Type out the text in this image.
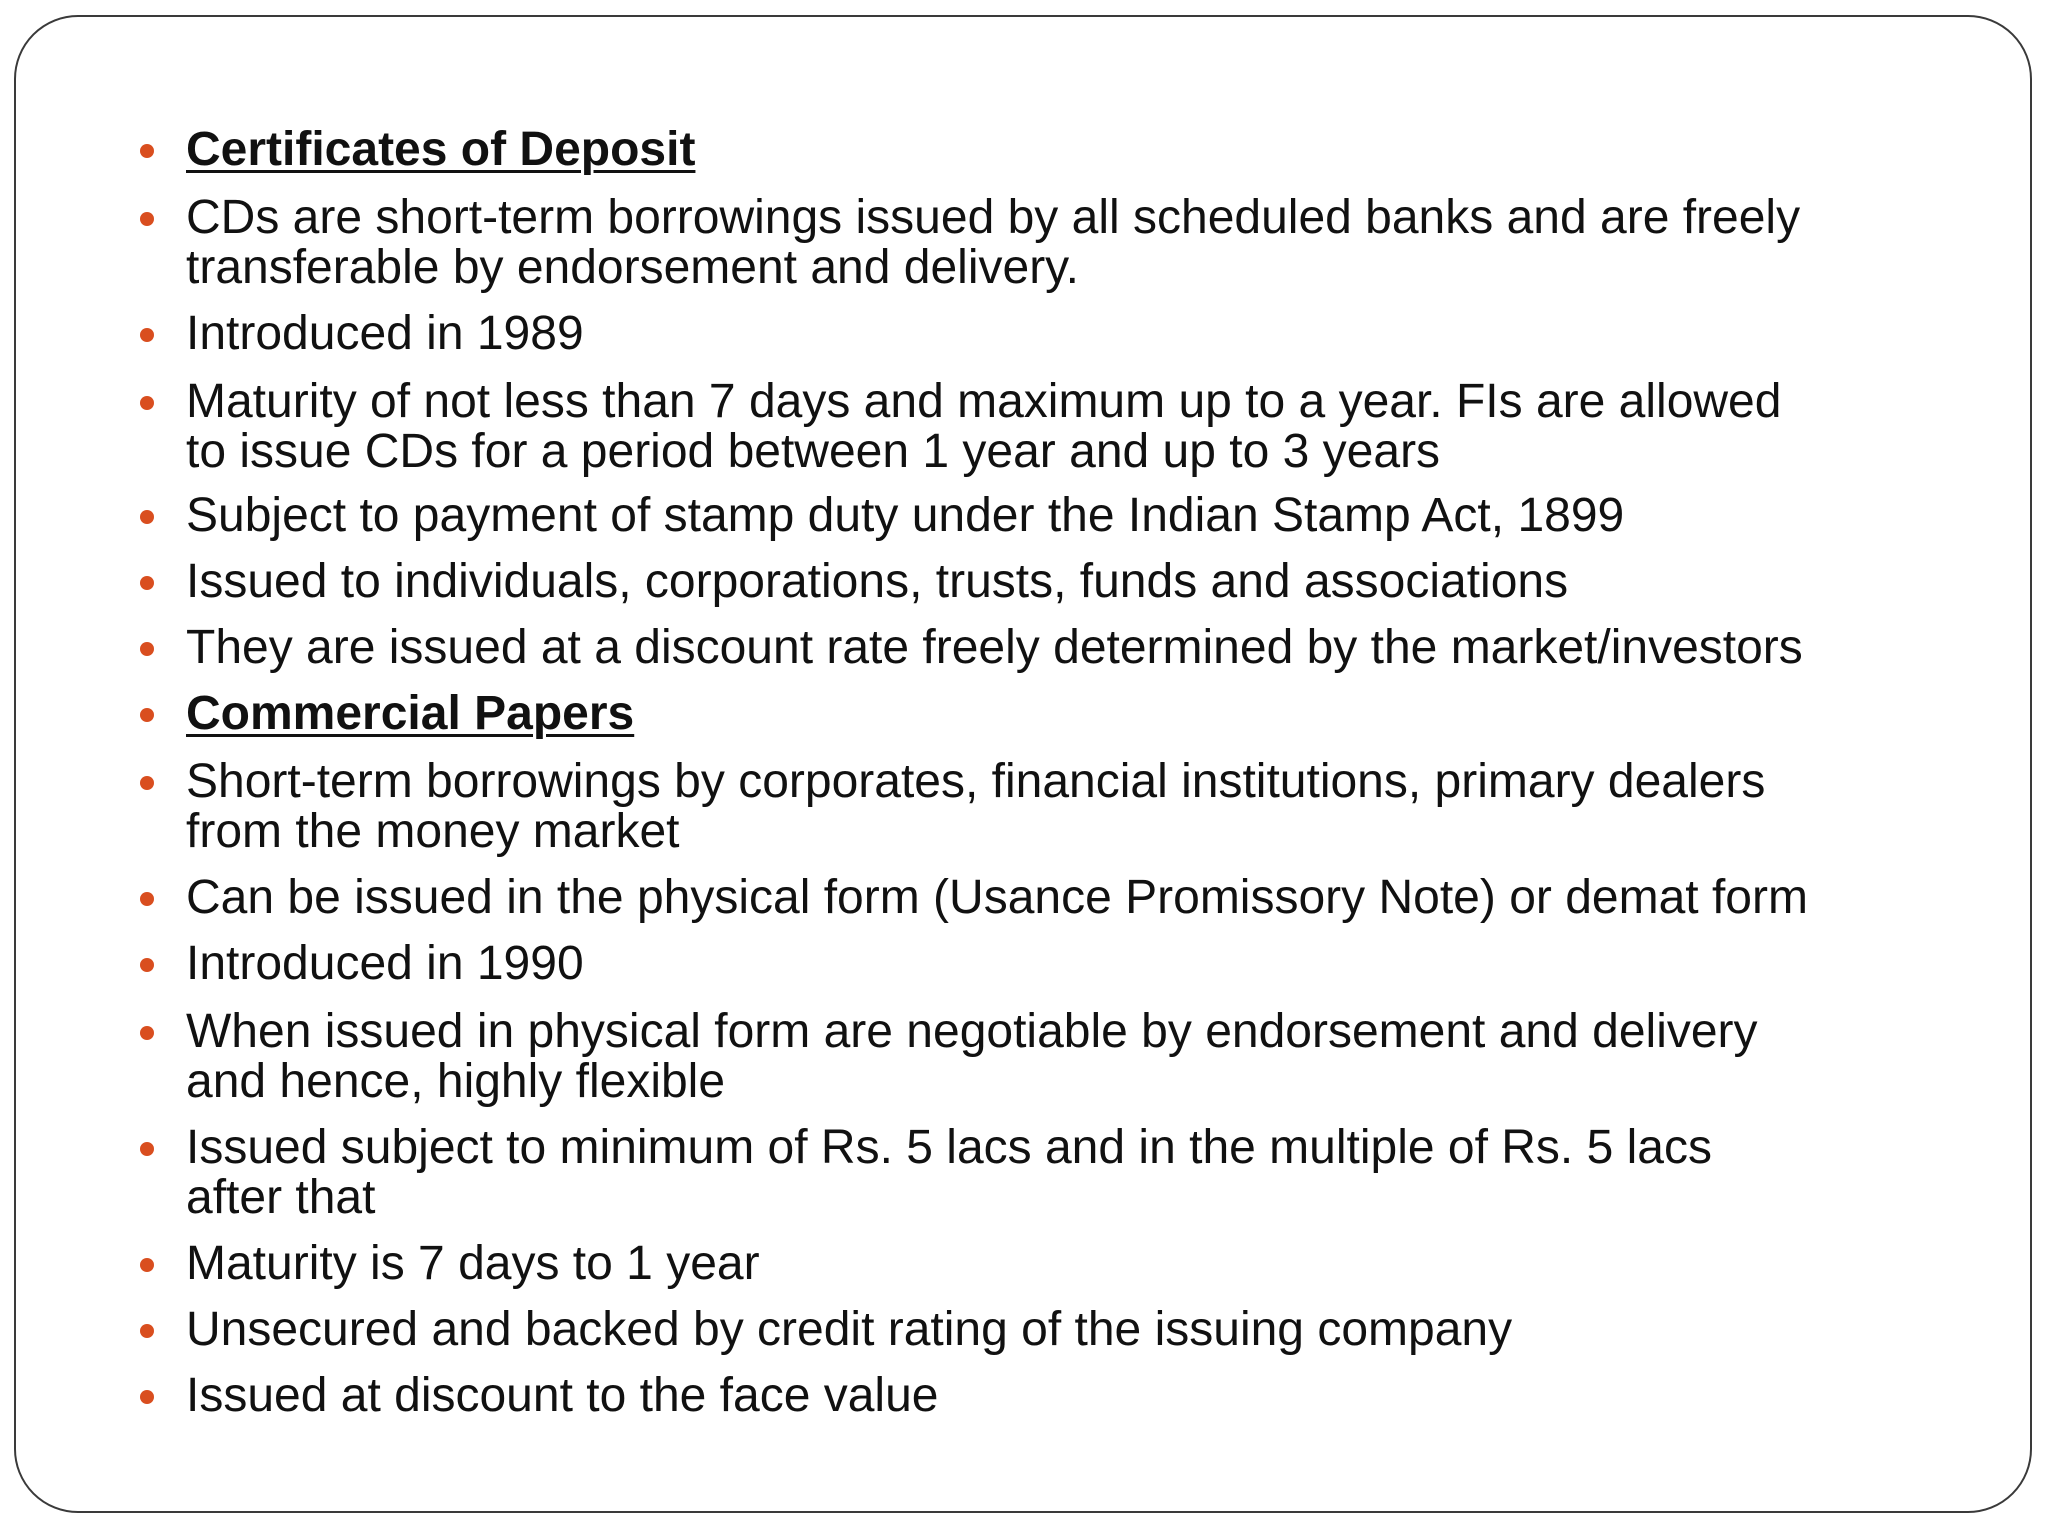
Certificates of Deposit
CDs are short-term borrowings issued by all scheduled banks and are freely
transferable by endorsement and delivery.
Introduced in 1989
Maturity of not less than 7 days and maximum up to a year. FIs are allowed
to issue CDs for a period between 1 year and up to 3 years
Subject to payment of stamp duty under the Indian Stamp Act, 1899
Issued to individuals, corporations, trusts, funds and associations
They are issued at a discount rate freely determined by the market/investors
Commercial Papers
Short-term borrowings by corporates, financial institutions, primary dealers
from the money market
Can be issued in the physical form (Usance Promissory Note) or demat form
Introduced in 1990
When issued in physical form are negotiable by endorsement and delivery
and hence, highly flexible
Issued subject to minimum of Rs. 5 lacs and in the multiple of Rs. 5 lacs
after that
Maturity is 7 days to 1 year
Unsecured and backed by credit rating of the issuing company
Issued at discount to the face value
